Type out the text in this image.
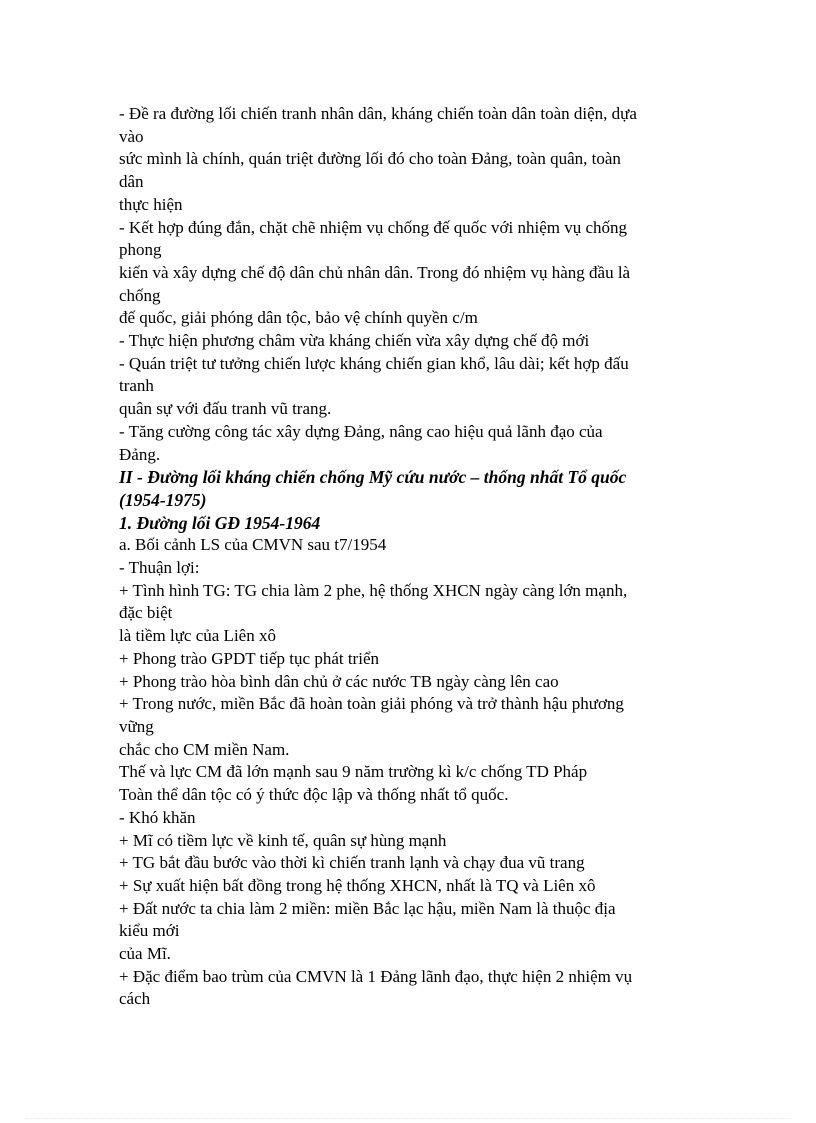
- Đề ra đường lối chiến tranh nhân dân, kháng chiến toàn dân toàn diện, dựa
vào
sức mình là chính, quán triệt đường lối đó cho toàn Đảng, toàn quân, toàn
dân
thực hiện
- Kết hợp đúng đắn, chặt chẽ nhiệm vụ chống đế quốc với nhiệm vụ chống
phong
kiến và xây dựng chế độ dân chủ nhân dân. Trong đó nhiệm vụ hàng đầu là
chống
đế quốc, giải phóng dân tộc, bảo vệ chính quyền c/m
- Thực hiện phương châm vừa kháng chiến vừa xây dựng chế độ mới
- Quán triệt tư tưởng chiến lược kháng chiến gian khổ, lâu dài; kết hợp đấu
tranh
quân sự với đấu tranh vũ trang.
- Tăng cường công tác xây dựng Đảng, nâng cao hiệu quả lãnh đạo của
Đảng.
II - Đường lối kháng chiến chống Mỹ cứu nước – thống nhất Tổ quốc
(1954-1975)
1. Đường lối GĐ 1954-1964
a. Bối cảnh LS của CMVN sau t7/1954
- Thuận lợi:
+ Tình hình TG: TG chia làm 2 phe, hệ thống XHCN ngày càng lớn mạnh,
đặc biệt
là tiềm lực của Liên xô
+ Phong trào GPDT tiếp tục phát triển
+ Phong trào hòa bình dân chủ ở các nước TB ngày càng lên cao
+ Trong nước, miền Bắc đã hoàn toàn giải phóng và trở thành hậu phương
vững
chắc cho CM miền Nam.
Thế và lực CM đã lớn mạnh sau 9 năm trường kì k/c chống TD Pháp
Toàn thể dân tộc có ý thức độc lập và thống nhất tổ quốc.
- Khó khăn
+ Mĩ có tiềm lực về kinh tế, quân sự hùng mạnh
+ TG bắt đầu bước vào thời kì chiến tranh lạnh và chạy đua vũ trang
+ Sự xuất hiện bất đồng trong hệ thống XHCN, nhất là TQ và Liên xô
+ Đất nước ta chia làm 2 miền: miền Bắc lạc hậu, miền Nam là thuộc địa
kiểu mới
của Mĩ.
+ Đặc điểm bao trùm của CMVN là 1 Đảng lãnh đạo, thực hiện 2 nhiệm vụ
cách
